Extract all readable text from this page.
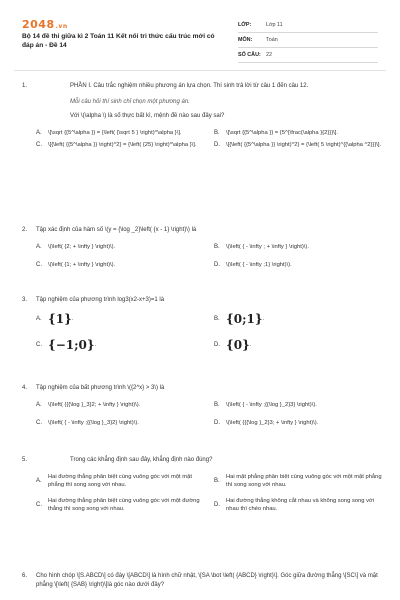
2048.vn
Bộ 14 đề thi giữa kì 2 Toán 11 Kết nối tri thức cấu trúc mới có đáp án - Đề 14
LỚP:	Lớp 11
MÔN:	Toán
SỐ CÂU: 22
1.	PHẦN I. Câu trắc nghiệm nhiều phương án lựa chọn. Thí sinh trả lời từ câu 1 đến câu 12.
Mỗi câu hỏi thí sinh chỉ chọn một phương án.
Với \(\alpha \) là số thực bất kì, mệnh đề nào sau đây sai?
A.	\[\sqrt {{5^\alpha }} = {\left( {\sqrt 5 } \right)^\alpha }\].	B.	\[\sqrt {{5^\alpha }} = {5^{\frac{\alpha }{2}}}\].
C.	\[{\left( {{5^\alpha }} \right)^2} = {\left( {25} \right)^\alpha }\].	D.	\[{\left( {{5^\alpha }} \right)^2} = {\left( 5 \right)^{{\alpha ^2}}}\].
2.	Tập xác định của hàm số \(y = {\log _2}\left( {x - 1} \right)\) là
A.	\(\left( {2; + \infty } \right)\).	B.	\(\left( { - \infty ; + \infty } \right)\).
C.	\(\left( {1; + \infty } \right)\).	D.	\(\left( { - \infty ;1} \right)\).
3.	Tập nghiệm của phương trình log3(x2-x+3)=1 là
A. {1} .	B. {0;1} .
C. {−1;0} .	D. {0} .
4.	Tập nghiệm của bất phương trình \({2^x} > 3\) là
A.	\(\left( {{{\log }_3}2; + \infty } \right)\).	B.	\(\left( { - \infty ;{{\log }_2}3} \right)\).
C.	\(\left( { - \infty ;{{\log }_3}2} \right)\).	D.	\(\left( {{{\log }_2}3; + \infty } \right)\).
5.	Trong các khẳng định sau đây, khẳng định nào đúng?
A.
Hai đường thẳng phân biệt cùng vuông góc với một mặt phẳng thì song song với nhau.
B.
Hai mặt phẳng phân biệt cùng vuông góc với một mặt phẳng thì song song với nhau.
C.
Hai đường thẳng phân biệt cùng vuông góc với một đường thẳng thì song song với nhau.
D.
Hai đường thẳng không cắt nhau và không song song với nhau thì chéo nhau.
6.	Cho hình chóp \[S.ABCD\] có đáy \[ABCD\] là hình chữ nhật, \[SA \bot \left( {ABCD} \right)\]. Góc giữa đường thẳng \[SC\] và mặt phẳng \[\left( {SAB} \right)\]là góc nào dưới đây?
